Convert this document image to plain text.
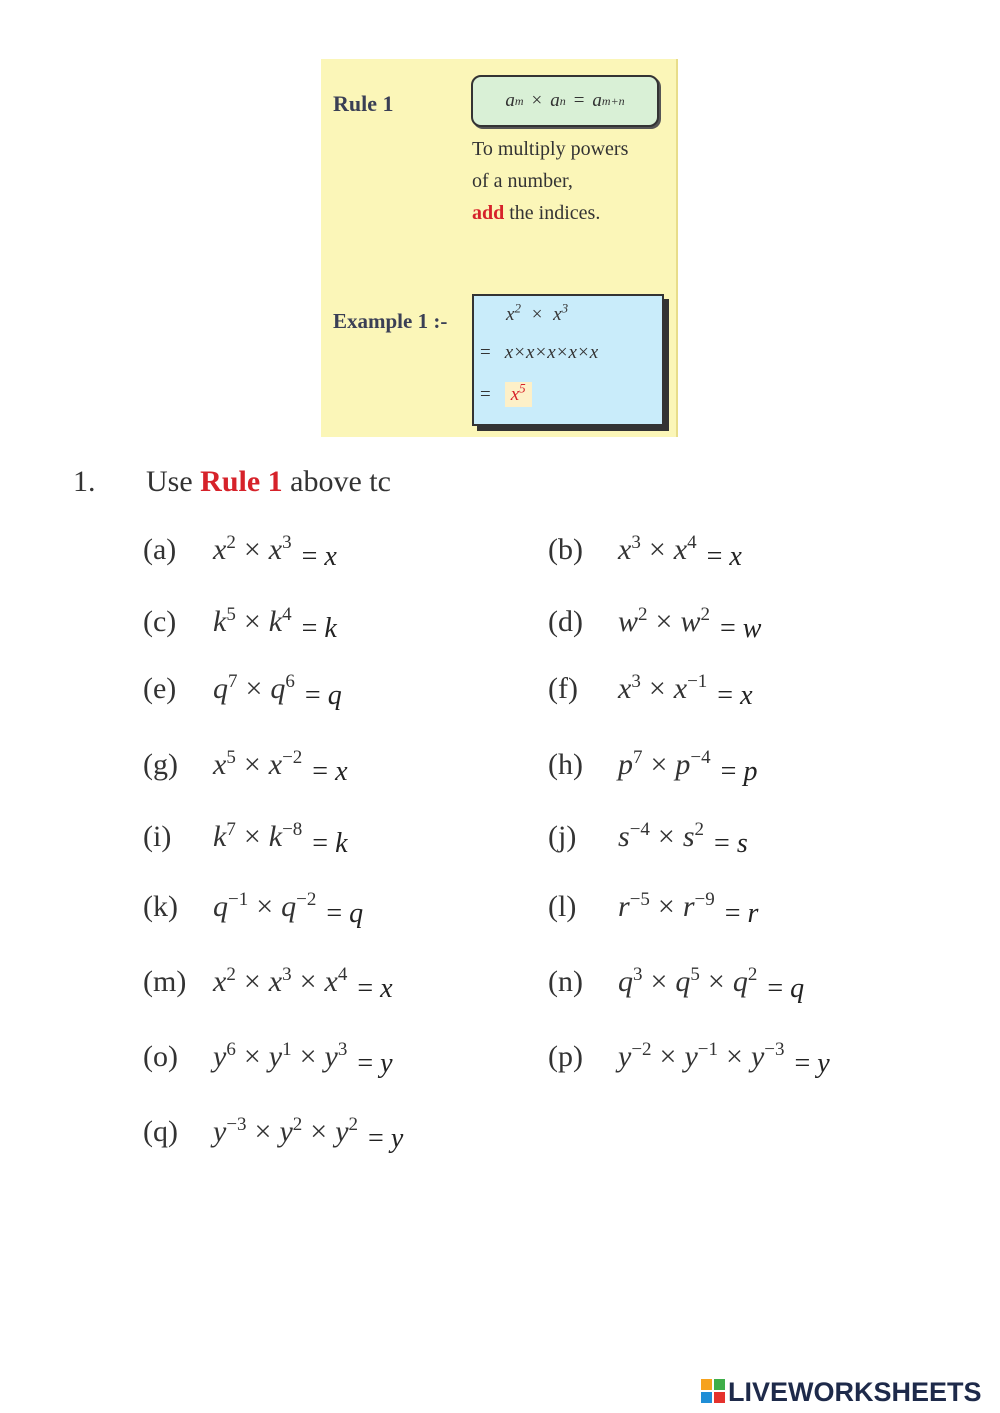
Rule 1	a m × a n = a m+n
To multiply powers
of a number,
add the indices.
Example 1 :-	$x^2 \times x^3$
= x×x×x×x×x
= $x^5$
1. Use Rule 1 above tc
(a) $x^2 \times x^3 = x$	(b) $x^3 \times x^4 = x$
(c) $k^5 \times k^4 = k$	(d) $w^2 \times w^2 = w$
(e) $q^7 \times q^6 = q$	(f) $x^3 \times x^{-1} = x$
(g) $x^5 \times x^{-2} = x$	(h) $p^7 \times p^{-4} = p$
(i) $k^7 \times k^{-8} = k$	(j) $s^{-4} \times s^2 = s$
(k) $q^{-1} \times q^{-2} = q$	(l) $r^{-5} \times r^{-9} = r$
(m) $x^2 \times x^3 \times x^4 = x$	(n) $q^3 \times q^5 \times q^2 = q$
(o) $y^6 \times y^1 \times y^3 = y$	(p) $y^{-2} \times y^{-1} \times y^{-3} = y$
(q) $y^{-3} \times y^2 \times y^2 = y$
LIVEWORKSHEETS
